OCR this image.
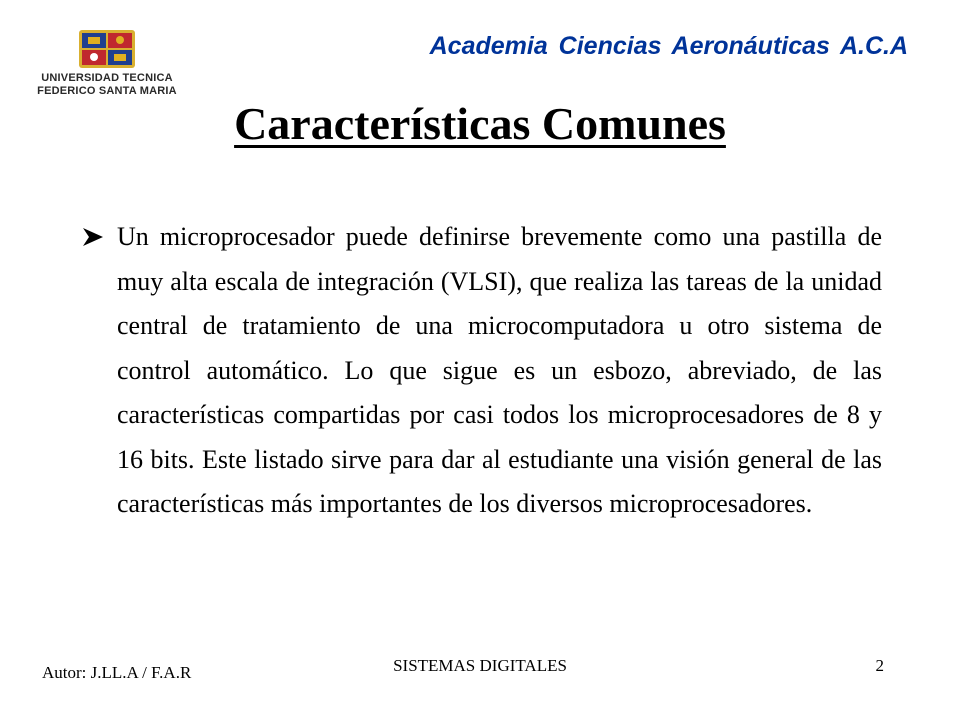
UNIVERSIDAD TECNICA
FEDERICO SANTA MARIA
Academia Ciencias Aeronáuticas A.C.A
Características Comunes
Un microprocesador puede definirse brevemente como una pastilla de muy alta escala de integración (VLSI), que realiza las tareas de la unidad central de tratamiento de una microcomputadora u otro sistema de control automático. Lo que sigue es un esbozo, abreviado, de las características compartidas por casi todos los microprocesadores de 8 y 16 bits. Este listado sirve para dar al estudiante una visión general de las características más importantes de los diversos microprocesadores.
Autor: J.LL.A / F.A.R	SISTEMAS DIGITALES	2
